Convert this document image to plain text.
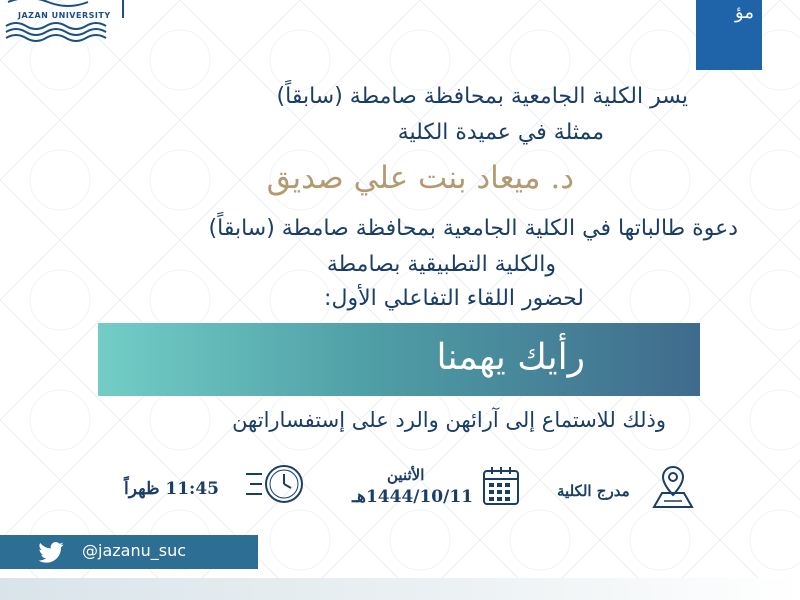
JAZAN UNIVERSITY	ﻣﺆ
يسر الكلية الجامعية بمحافظة صامطة (سابقاً)
ممثلة في عميدة الكلية
د. ميعاد بنت علي صديق
دعوة طالباتها في الكلية الجامعية بمحافظة صامطة (سابقاً)
والكلية التطبيقية بصامطة
لحضور اللقاء التفاعلي الأول:
رأيك يهمنا
وذلك للاستماع إلى آرائهن والرد على إستفساراتهن
مدرج الكلية
الأثنين
1444/10/11هـ
11:45 ظهراً
@jazanu_suc
